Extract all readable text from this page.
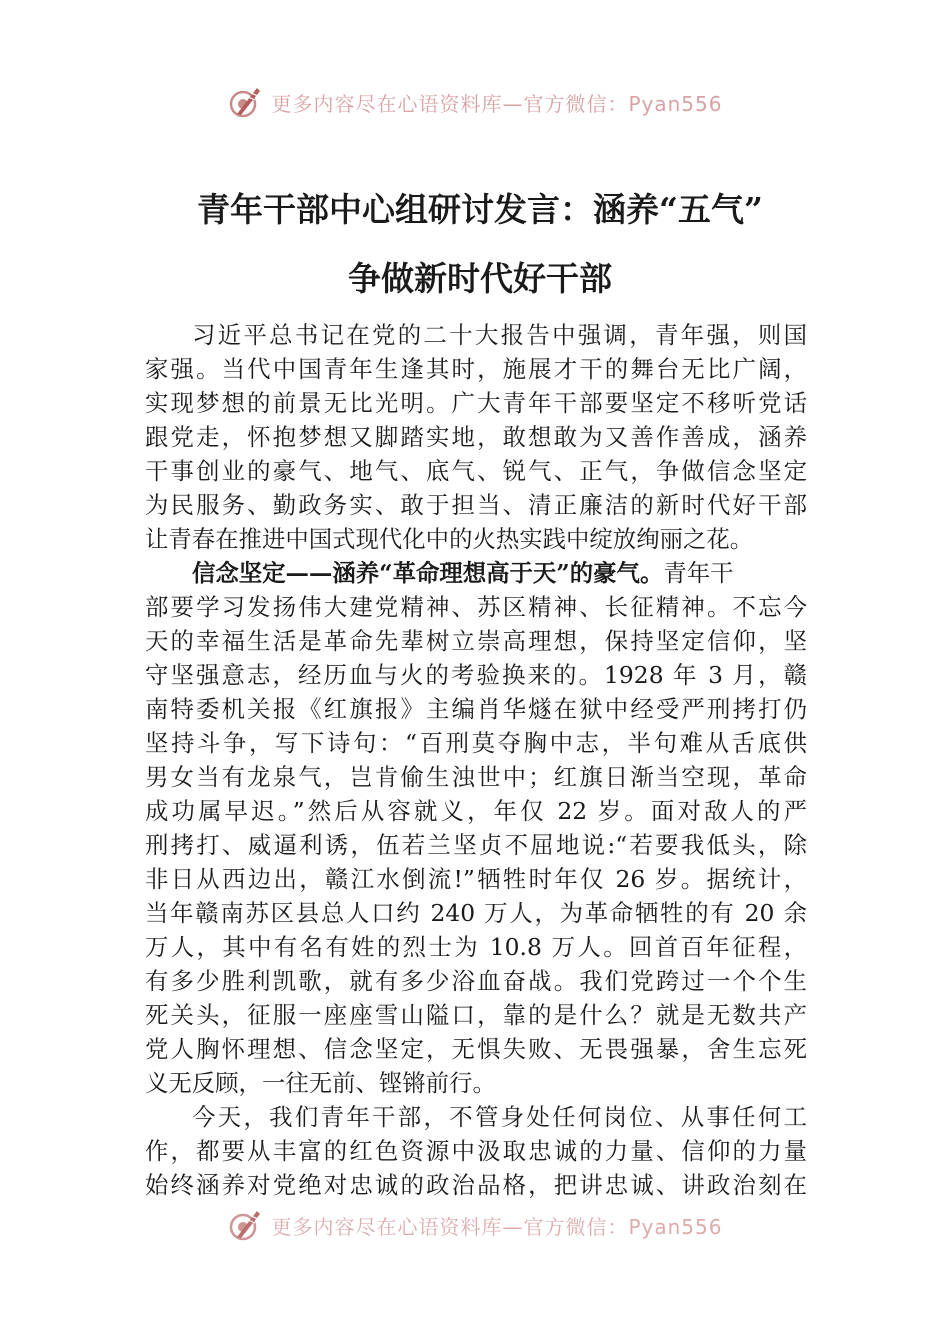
更多内容尽在心语资料库—官方微信：Pyan556
青年干部中心组研讨发言：涵养“五气”
争做新时代好干部
习近平总书记在党的二十大报告中强调，青年强，则国
家强。当代中国青年生逢其时，施展才干的舞台无比广阔，
实现梦想的前景无比光明。广大青年干部要坚定不移听党话
跟党走，怀抱梦想又脚踏实地，敢想敢为又善作善成，涵养
干事创业的豪气、地气、底气、锐气、正气，争做信念坚定
为民服务、勤政务实、敢于担当、清正廉洁的新时代好干部
让青春在推进中国式现代化中的火热实践中绽放绚丽之花。
信念坚定——涵养“革命理想高于天”的豪气。青年干
部要学习发扬伟大建党精神、苏区精神、长征精神。不忘今
天的幸福生活是革命先辈树立崇高理想，保持坚定信仰，坚
守坚强意志，经历血与火的考验换来的。1928 年 3 月，赣
南特委机关报《红旗报》主编肖华燧在狱中经受严刑拷打仍
坚持斗争，写下诗句：“百刑莫夺胸中志，半句难从舌底供
男女当有龙泉气，岂肯偷生浊世中；红旗日渐当空现，革命
成功属早迟。”然后从容就义，年仅 22 岁。面对敌人的严
刑拷打、威逼利诱，伍若兰坚贞不屈地说:“若要我低头，除
非日从西边出，赣江水倒流!”牺牲时年仅 26 岁。据统计，
当年赣南苏区县总人口约 240 万人，为革命牺牲的有 20 余
万人，其中有名有姓的烈士为 10.8 万人。回首百年征程，
有多少胜利凯歌，就有多少浴血奋战。我们党跨过一个个生
死关头，征服一座座雪山隘口，靠的是什么？就是无数共产
党人胸怀理想、信念坚定，无惧失败、无畏强暴，舍生忘死
义无反顾，一往无前、铿锵前行。
今天，我们青年干部，不管身处任何岗位、从事任何工
作，都要从丰富的红色资源中汲取忠诚的力量、信仰的力量
始终涵养对党绝对忠诚的政治品格，把讲忠诚、讲政治刻在
更多内容尽在心语资料库—官方微信：Pyan556
